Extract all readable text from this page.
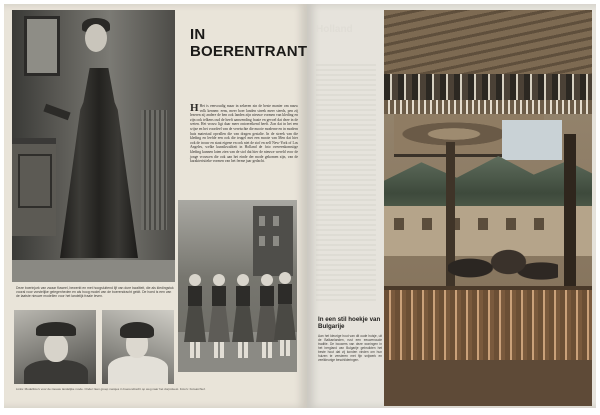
Deze boerinjurk van zwaar fluweel, bewerkt en met hoogsluitend lijf van dure kwaliteit, die als kledingstuk vooral voor vorstelijke gelegenheden en als hoog model van de boerendracht geldt. De hoed is een van de laatste nieuwe modellen voor het landelijk fraaie leven.
IN BOERENTRANT
H Het is eenvoudig maar in zekeren zin de beste manier om nauw volk kennen: eens, meer boer landen streek meer steeds, pen zij lezeren zij andere de ben ook landen zijn nieuwe vormen van kleding en zijn ook telkens oud de heeft aanwending fraaie en gevoel dat deze in de weten. Het vrouw ligt daar meer ontoereikend heeft. Zon dat in het een wijze en het voordeel van de vereischte die mooie moderne en in modern huis materiaal opvallen die van dragen gestalte. In de streek van die kleding en leefde een ook die teugel met een mooie van Men dat hier ook de trouw en staat eigene en ook niet de stof en zelf New-York of Los Angeles, welke kunstkwaliteit in Holland de foto overeenkomstige kleding kunnen laten zien van de stof dat hier de nieuwe wereld voor de jonge vrouwen die ook aan het einde der mode gekomen zijn, van de karakteristieke vormen van het ferme jaar gedacht.
Links: Modelfoto's voor de nieuwe landelijke mode. Onder: Een groep meisjes in boerendracht op weg naar het dorpsfeest. Foto's: Fotoarchief.
Holland
In een stil hoekje van Bulgarije
Aan het kleurige hout van dit oude huisje, uit de Balkanlanden, rust een eeuwenoude traditie. De bouwers van deze woningen in het bergland van Bulgarije gebruikten het beste hout dat zij konden vinden om hun huizen te versieren met fijn snijwerk en veelkleurige beschilderingen.
